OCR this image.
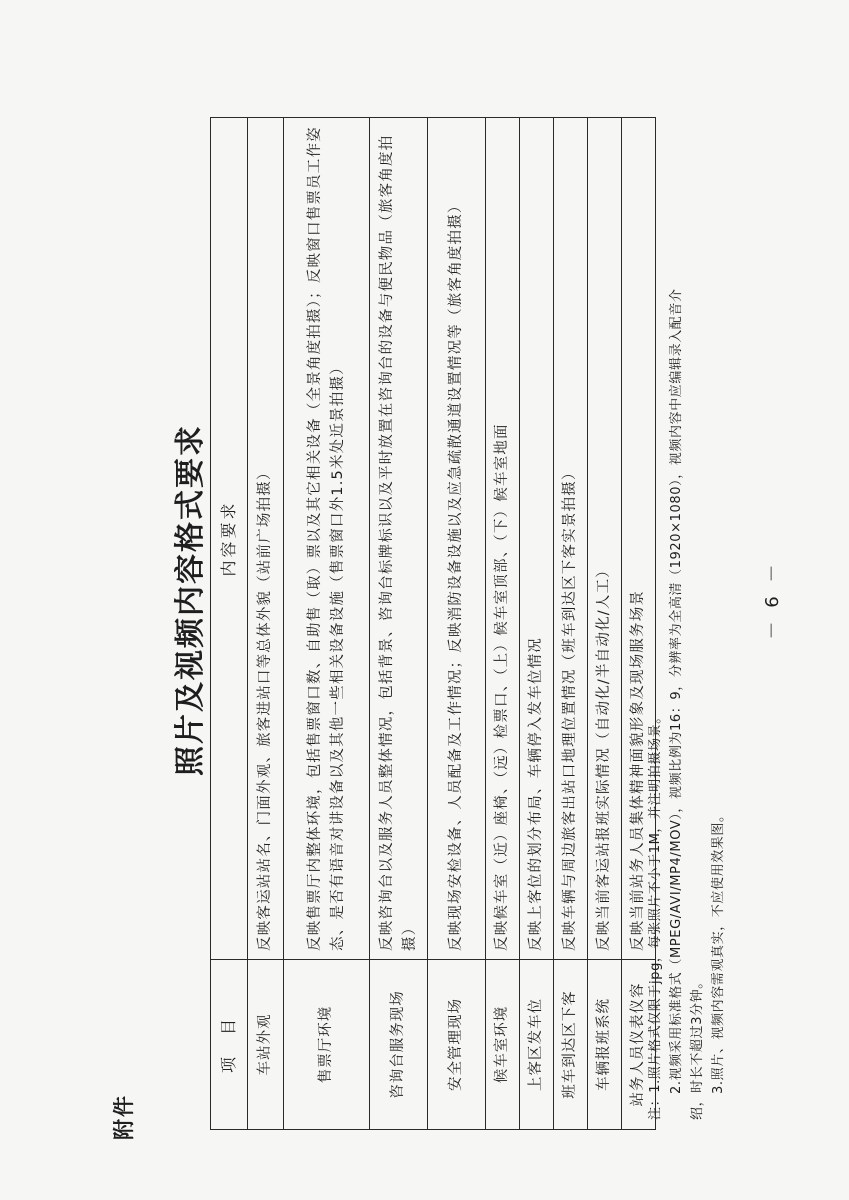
附件
照片及视频内容格式要求
项　目	内容要求
车站外观	反映客运站站名、门面外观、旅客进站口等总体外貌（站前广场拍摄）
售票厅环境	反映售票厅内整体环境，包括售票窗口数、自助售（取）票以及其它相关设备（全景角度拍摄）；反映窗口售票员工作姿态、是否有语音对讲设备以及其他一些相关设备设施（售票窗口外1.5米处近景拍摄）
咨询台服务现场	反映咨询台以及服务人员整体情况，包括背景、咨询台标牌标识以及平时放置在咨询台的设备与便民物品（旅客角度拍摄）
安全管理现场	反映现场安检设备、人员配备及工作情况；反映消防设备设施以及应急疏散通道设置情况等（旅客角度拍摄）
候车室环境	反映候车室（近）座椅、（远）检票口、（上）候车室顶部、（下）候车室地面
上客区发车位	反映上客位的划分布局、车辆停入发车位情况
班车到达区下客	反映车辆与周边旅客出站口地理位置情况（班车到达区下客实景拍摄）
车辆报班系统	反映当前客运站报班实际情况（自动化/半自动化/人工）
站务人员仪表仪容	反映当前站务人员集体精神面貌形象及现场服务场景 注：1.照片格式仅限于jpg，每张照片不小于1M，并注明拍摄场景。 2.视频采用标准格式（MPEG/AVI/MP4/MOV），视频比例为16：9，分辨率为全高清（1920×1080），视频内容中应编辑录入配音介 绍，时长不超过3分钟。 3.照片、视频内容需观真实，不应使用效果图。
－ 6 －
